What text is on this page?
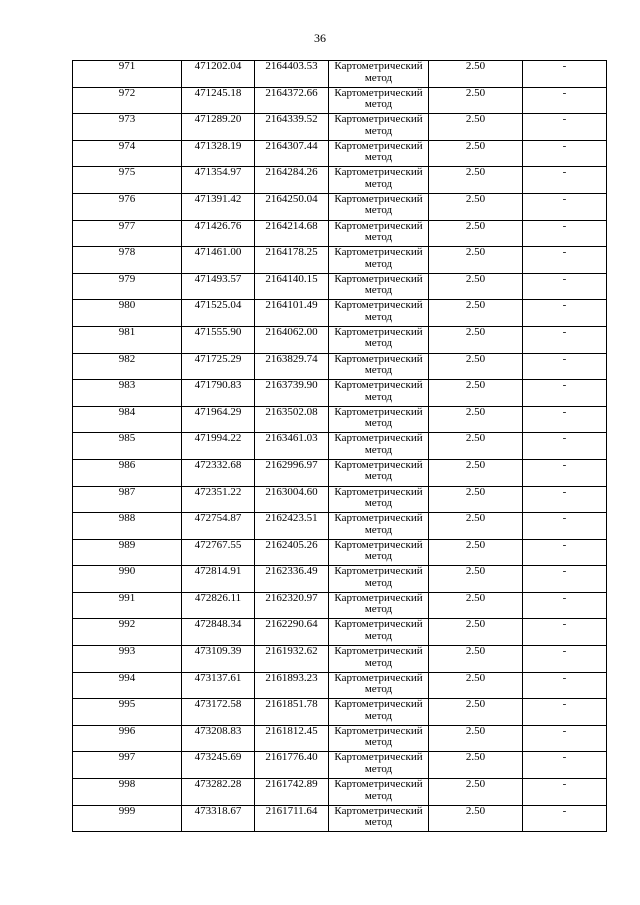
36
971	471202.04	2164403.53	Картометрический метод	2.50	-
972	471245.18	2164372.66	Картометрический метод	2.50	-
973	471289.20	2164339.52	Картометрический метод	2.50	-
974	471328.19	2164307.44	Картометрический метод	2.50	-
975	471354.97	2164284.26	Картометрический метод	2.50	-
976	471391.42	2164250.04	Картометрический метод	2.50	-
977	471426.76	2164214.68	Картометрический метод	2.50	-
978	471461.00	2164178.25	Картометрический метод	2.50	-
979	471493.57	2164140.15	Картометрический метод	2.50	-
980	471525.04	2164101.49	Картометрический метод	2.50	-
981	471555.90	2164062.00	Картометрический метод	2.50	-
982	471725.29	2163829.74	Картометрический метод	2.50	-
983	471790.83	2163739.90	Картометрический метод	2.50	-
984	471964.29	2163502.08	Картометрический метод	2.50	-
985	471994.22	2163461.03	Картометрический метод	2.50	-
986	472332.68	2162996.97	Картометрический метод	2.50	-
987	472351.22	2163004.60	Картометрический метод	2.50	-
988	472754.87	2162423.51	Картометрический метод	2.50	-
989	472767.55	2162405.26	Картометрический метод	2.50	-
990	472814.91	2162336.49	Картометрический метод	2.50	-
991	472826.11	2162320.97	Картометрический метод	2.50	-
992	472848.34	2162290.64	Картометрический метод	2.50	-
993	473109.39	2161932.62	Картометрический метод	2.50	-
994	473137.61	2161893.23	Картометрический метод	2.50	-
995	473172.58	2161851.78	Картометрический метод	2.50	-
996	473208.83	2161812.45	Картометрический метод	2.50	-
997	473245.69	2161776.40	Картометрический метод	2.50	-
998	473282.28	2161742.89	Картометрический метод	2.50	-
999	473318.67	2161711.64	Картометрический метод	2.50	-
